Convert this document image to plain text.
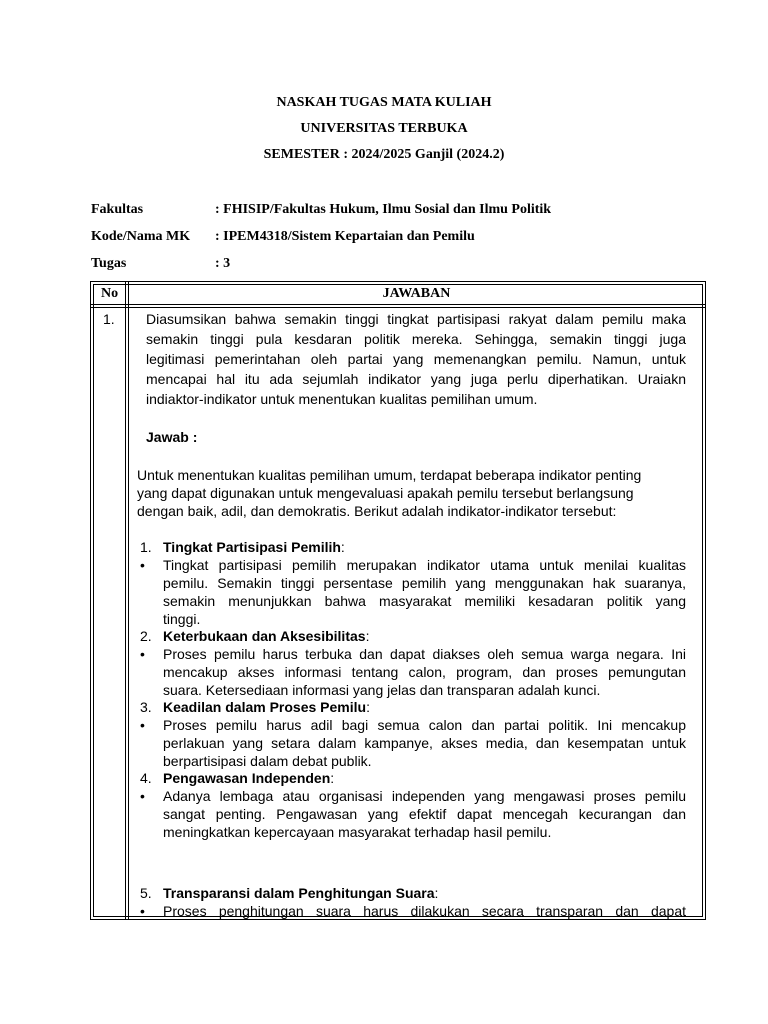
NASKAH TUGAS MATA KULIAH
UNIVERSITAS TERBUKA
SEMESTER : 2024/2025 Ganjil (2024.2)
Fakultas	: FHISIP/Fakultas Hukum, Ilmu Sosial dan Ilmu Politik
Kode/Nama MK : IPEM4318/Sistem Kepartaian dan Pemilu
Tugas	: 3
No	JAWABAN
1. Diasumsikan bahwa semakin tinggi tingkat partisipasi rakyat dalam pemilu maka
semakin tinggi pula kesdaran politik mereka. Sehingga, semakin tinggi juga
legitimasi pemerintahan oleh partai yang memenangkan pemilu. Namun, untuk
mencapai hal itu ada sejumlah indikator yang juga perlu diperhatikan. Uraiakn
indiaktor-indikator untuk menentukan kualitas pemilihan umum.
Jawab :
Untuk menentukan kualitas pemilihan umum, terdapat beberapa indikator penting
yang dapat digunakan untuk mengevaluasi apakah pemilu tersebut berlangsung
dengan baik, adil, dan demokratis. Berikut adalah indikator-indikator tersebut:
1. Tingkat Partisipasi Pemilih:
• Tingkat partisipasi pemilih merupakan indikator utama untuk menilai kualitas
pemilu. Semakin tinggi persentase pemilih yang menggunakan hak suaranya,
semakin menunjukkan bahwa masyarakat memiliki kesadaran politik yang
tinggi.
2. Keterbukaan dan Aksesibilitas:
• Proses pemilu harus terbuka dan dapat diakses oleh semua warga negara. Ini
mencakup akses informasi tentang calon, program, dan proses pemungutan
suara. Ketersediaan informasi yang jelas dan transparan adalah kunci.
3. Keadilan dalam Proses Pemilu:
• Proses pemilu harus adil bagi semua calon dan partai politik. Ini mencakup
perlakuan yang setara dalam kampanye, akses media, dan kesempatan untuk
berpartisipasi dalam debat publik.
4. Pengawasan Independen:
• Adanya lembaga atau organisasi independen yang mengawasi proses pemilu
sangat penting. Pengawasan yang efektif dapat mencegah kecurangan dan
meningkatkan kepercayaan masyarakat terhadap hasil pemilu.
5. Transparansi dalam Penghitungan Suara:
• Proses penghitungan suara harus dilakukan secara transparan dan dapat
